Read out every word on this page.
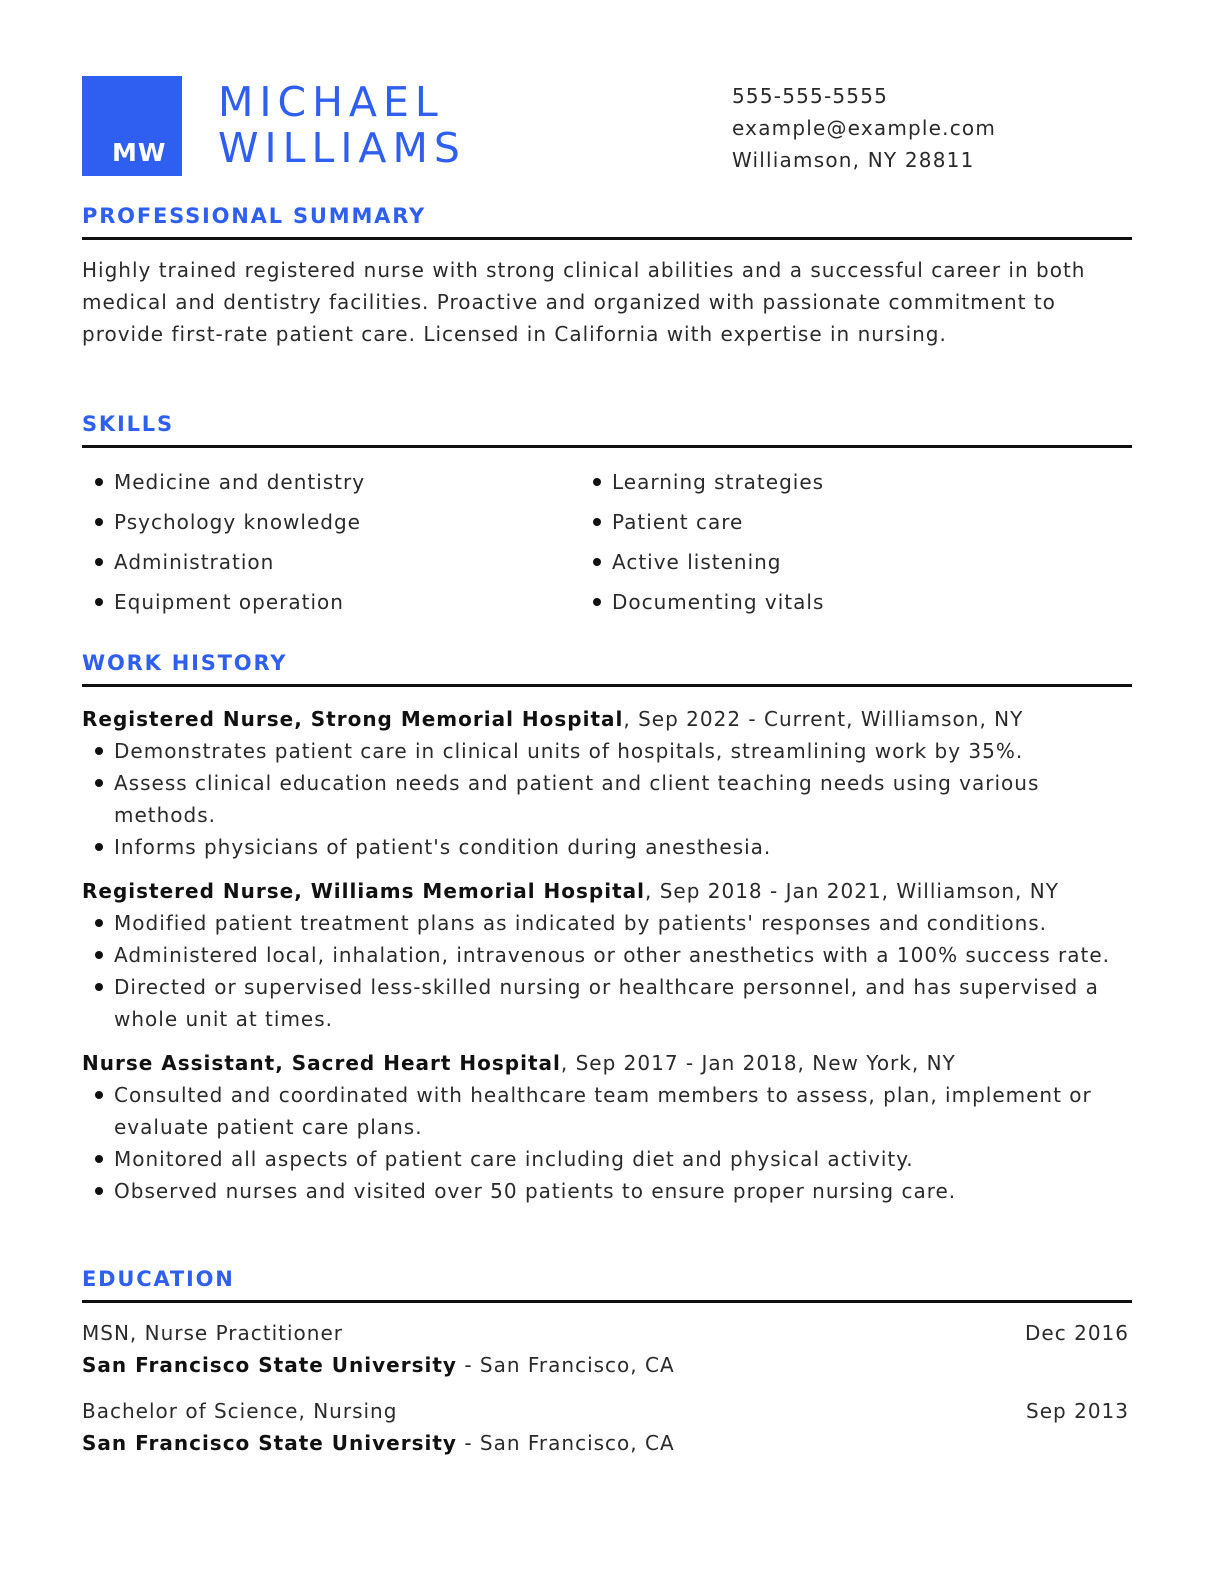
MW
MICHAEL
WILLIAMS
555-555-5555
example@example.com
Williamson, NY 28811
PROFESSIONAL SUMMARY

Highly trained registered nurse with strong clinical abilities and a successful career in both medical and dentistry facilities. Proactive and organized with passionate commitment to provide first-rate patient care. Licensed in California with expertise in nursing.

SKILLS
Medicine and dentistry
Psychology knowledge
Administration
Equipment operation
Learning strategies
Patient care
Active listening
Documenting vitals
WORK HISTORY
Registered Nurse, Strong Memorial Hospital, Sep 2022 - Current, Williamson, NY
Demonstrates patient care in clinical units of hospitals, streamlining work by 35%.
Assess clinical education needs and patient and client teaching needs using various methods.
Informs physicians of patient's condition during anesthesia.
Registered Nurse, Williams Memorial Hospital, Sep 2018 - Jan 2021, Williamson, NY
Modified patient treatment plans as indicated by patients' responses and conditions.
Administered local, inhalation, intravenous or other anesthetics with a 100% success rate.
Directed or supervised less-skilled nursing or healthcare personnel, and has supervised a whole unit at times.
Nurse Assistant, Sacred Heart Hospital, Sep 2017 - Jan 2018, New York, NY
Consulted and coordinated with healthcare team members to assess, plan, implement or evaluate patient care plans.
Monitored all aspects of patient care including diet and physical activity.
Observed nurses and visited over 50 patients to ensure proper nursing care.
EDUCATION
MSN, Nurse Practitioner	Dec 2016
San Francisco State University - San Francisco, CA
Bachelor of Science, Nursing	Sep 2013
San Francisco State University - San Francisco, CA
